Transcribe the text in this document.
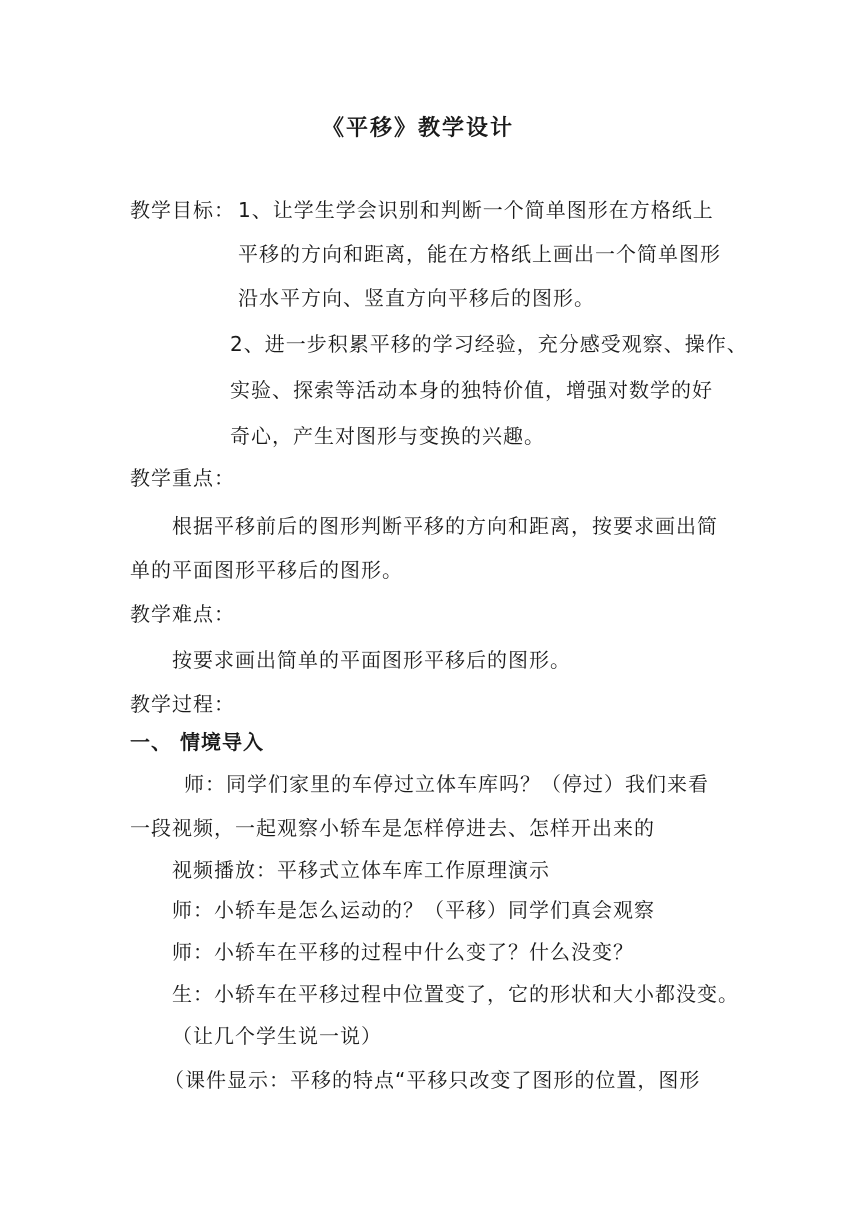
《平移》教学设计
教学目标： 1、让学生学会识别和判断一个简单图形在方格纸上
平移的方向和距离，能在方格纸上画出一个简单图形
沿水平方向、竖直方向平移后的图形。
2、进一步积累平移的学习经验，充分感受观察、操作、
实验、探索等活动本身的独特价值，增强对数学的好
奇心，产生对图形与变换的兴趣。
教学重点：
根据平移前后的图形判断平移的方向和距离，按要求画出简
单的平面图形平移后的图形。
教学难点：
按要求画出简单的平面图形平移后的图形。
教学过程：
一、 情境导入
师：同学们家里的车停过立体车库吗？（停过）我们来看
一段视频，一起观察小轿车是怎样停进去、怎样开出来的
视频播放：平移式立体车库工作原理演示
师：小轿车是怎么运动的？（平移）同学们真会观察
师：小轿车在平移的过程中什么变了？什么没变？
生：小轿车在平移过程中位置变了，它的形状和大小都没变。
（让几个学生说一说）
（课件显示：平移的特点“平移只改变了图形的位置，图形
